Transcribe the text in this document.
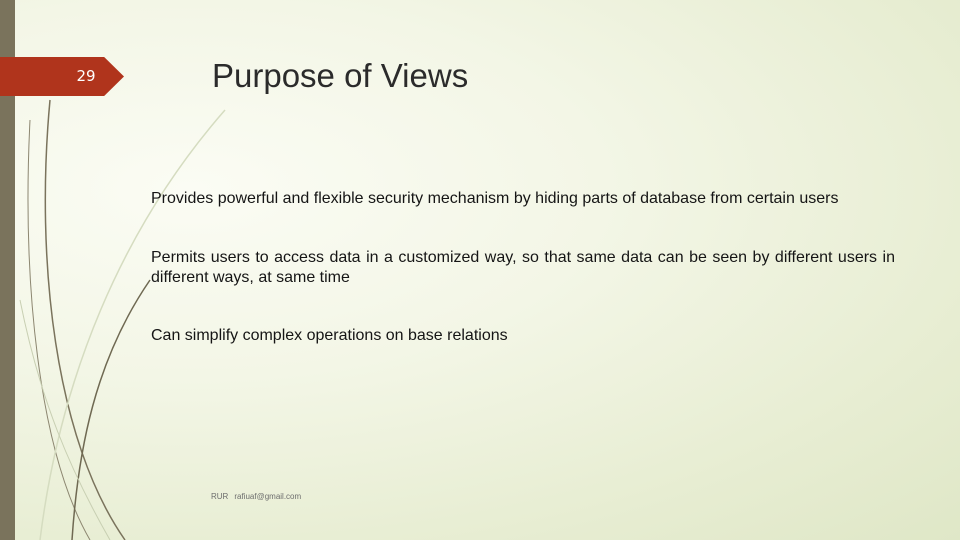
29	Purpose of Views
Provides powerful and flexible security mechanism by hiding parts of database from certain users
Permits users to access data in a customized way, so that same data can be seen by different users in different ways, at same time
Can simplify complex operations on base relations
RUR rafiuaf@gmail.com
